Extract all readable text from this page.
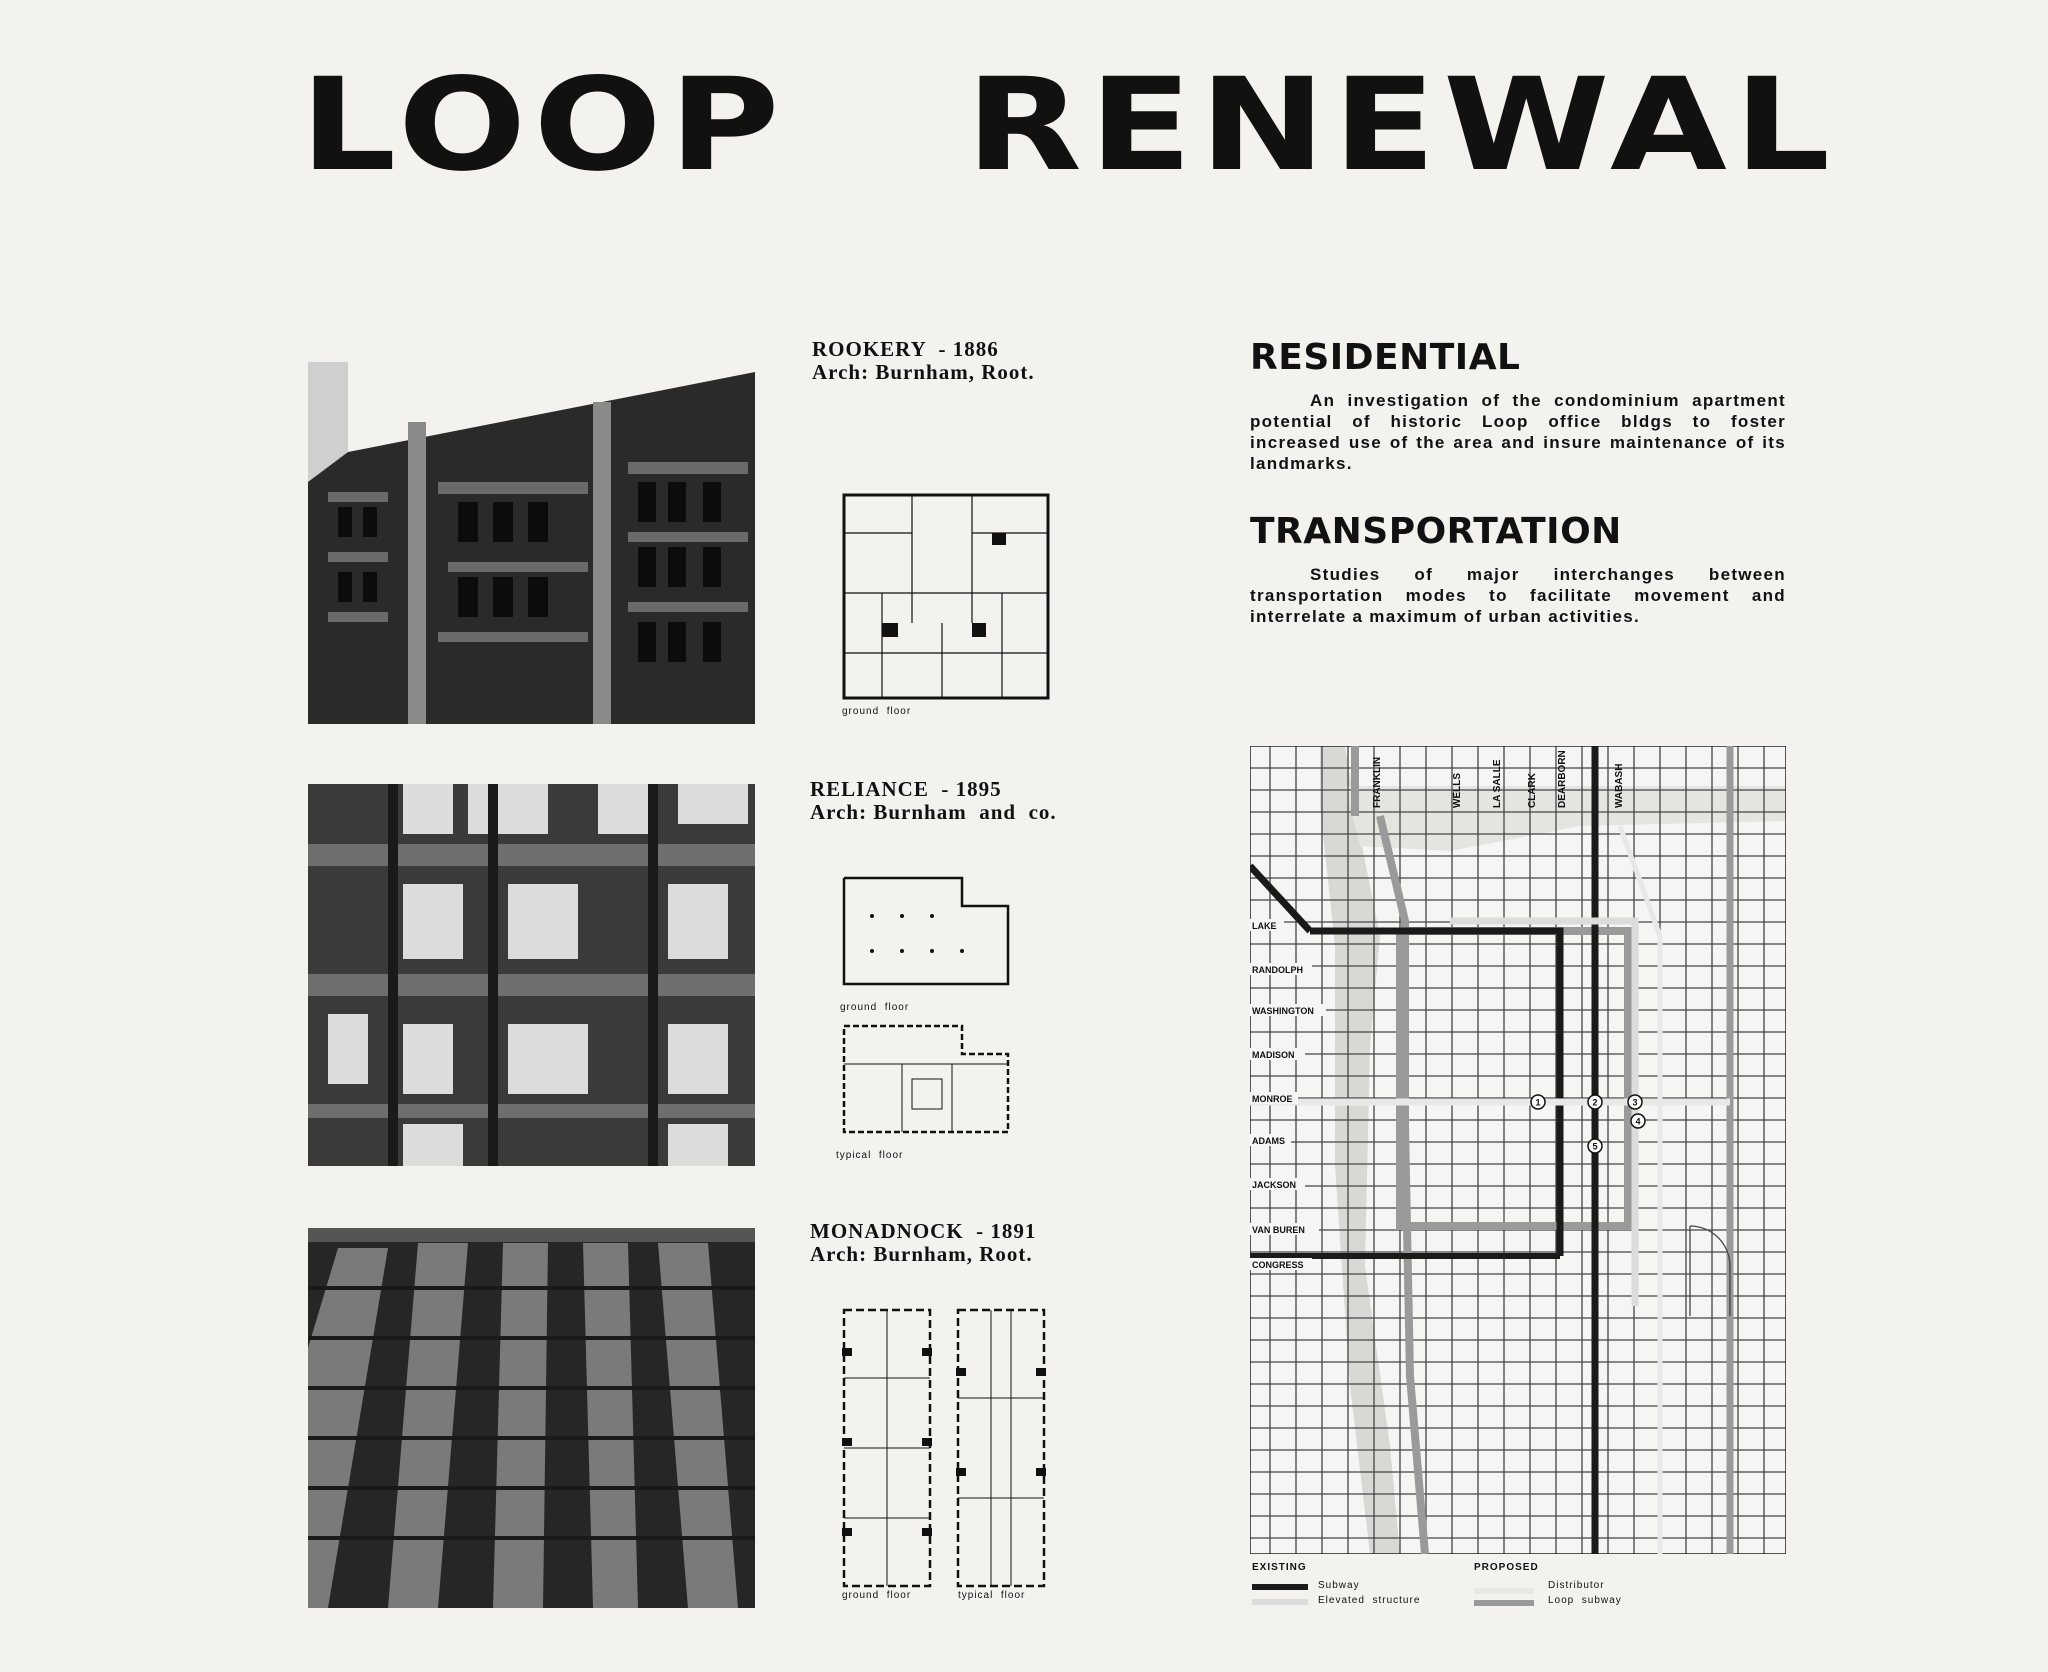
LOOP   RENEWAL
ROOKERY  - 1886
Arch: Burnham, Root.
ground  floor
RELIANCE  - 1895
Arch: Burnham  and  co.
ground  floor
typical  floor
MONADNOCK  - 1891
Arch: Burnham, Root.
ground  floor	typical  floor
RESIDENTIAL
An investigation of the condominium apartment potential of historic Loop office bldgs to foster increased use of the area and insure maintenance of its landmarks.
TRANSPORTATION
Studies of major interchanges between transportation modes to facilitate movement and interrelate a maximum of urban activities.
FRANKLIN	WELLS	LA SALLE CLARK DEARBORN	WABASH
LAKE
RANDOLPH
WASHINGTON
MADISON
MONROE
ADAMS
JACKSON
VAN BUREN
CONGRESS
1	2	3
4
5
EXISTING
Subway
Elevated  structure
PROPOSED
Distributor
Loop  subway
